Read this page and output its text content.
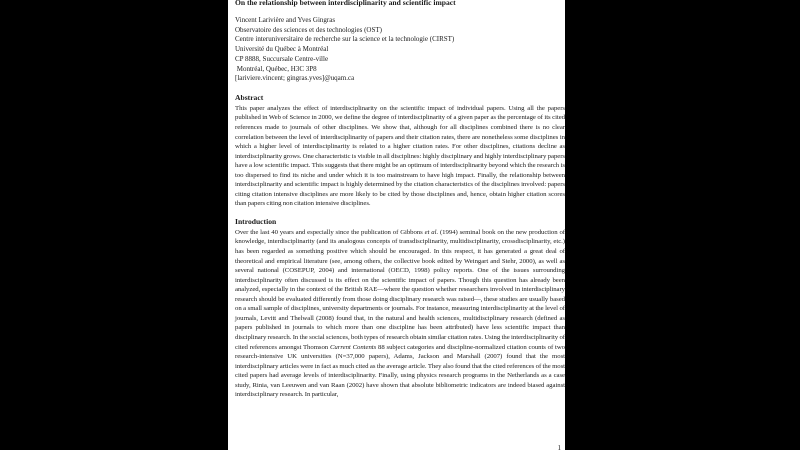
On the relationship between interdisciplinarity and scientific impact
Vincent Larivière and Yves Gingras
Observatoire des sciences et des technologies (OST)
Centre interuniversitaire de recherche sur la science et la technologie (CIRST)
Université du Québec à Montréal
CP 8888, Succursale Centre-ville
Montréal, Québec, H3C 3P8
[lariviere.vincent; gingras.yves]@uqam.ca
Abstract
This paper analyzes the effect of interdisciplinarity on the scientific impact of individual papers. Using all the papers published in Web of Science in 2000, we define the degree of interdisciplinarity of a given paper as the percentage of its cited references made to journals of other disciplines. We show that, although for all disciplines combined there is no clear correlation between the level of interdisciplinarity of papers and their citation rates, there are nonetheless some disciplines in which a higher level of interdisciplinarity is related to a higher citation rates. For other disciplines, citations decline as interdisciplinarity grows. One characteristic is visible in all disciplines: highly disciplinary and highly interdisciplinary papers have a low scientific impact. This suggests that there might be an optimum of interdisciplinarity beyond which the research is too dispersed to find its niche and under which it is too mainstream to have high impact. Finally, the relationship between interdisciplinarity and scientific impact is highly determined by the citation characteristics of the disciplines involved: papers citing citation intensive disciplines are more likely to be cited by those disciplines and, hence, obtain higher citation scores than papers citing non citation intensive disciplines.
Introduction
Over the last 40 years and especially since the publication of Gibbons et al. (1994) seminal book on the new production of knowledge, interdisciplinarity (and its analogous concepts of transdisciplinarity, multidisciplinarity, crossdisciplinarity, etc.) has been regarded as something positive which should be encouraged. In this respect, it has generated a great deal of theoretical and empirical literature (see, among others, the collective book edited by Weingart and Stehr, 2000), as well as several national (COSEPUP, 2004) and international (OECD, 1998) policy reports. One of the issues surrounding interdisciplinarity often discussed is its effect on the scientific impact of papers. Though this question has already been analyzed, especially in the context of the British RAE—where the question whether researchers involved in interdisciplinary research should be evaluated differently from those doing disciplinary research was raised—, these studies are usually based on a small sample of disciplines, university departments or journals. For instance, measuring interdisciplinarity at the level of journals, Levitt and Thelwall (2008) found that, in the natural and health sciences, multidisciplinary research (defined as papers published in journals to which more than one discipline has been attributed) have less scientific impact than disciplinary research. In the social sciences, both types of research obtain similar citation rates. Using the interdisciplinarity of cited references amongst Thomson Current Contents 88 subject categories and discipline-normalized citation counts of two research-intensive UK universities (N=37,000 papers), Adams, Jackson and Marshall (2007) found that the most interdisciplinary articles were in fact as much cited as the average article. They also found that the cited references of the most cited papers had average levels of interdisciplinarity. Finally, using physics research programs in the Netherlands as a case study, Rinia, van Leeuwen and van Raan (2002) have shown that absolute bibliometric indicators are indeed biased against interdisciplinary research. In particular,
1
